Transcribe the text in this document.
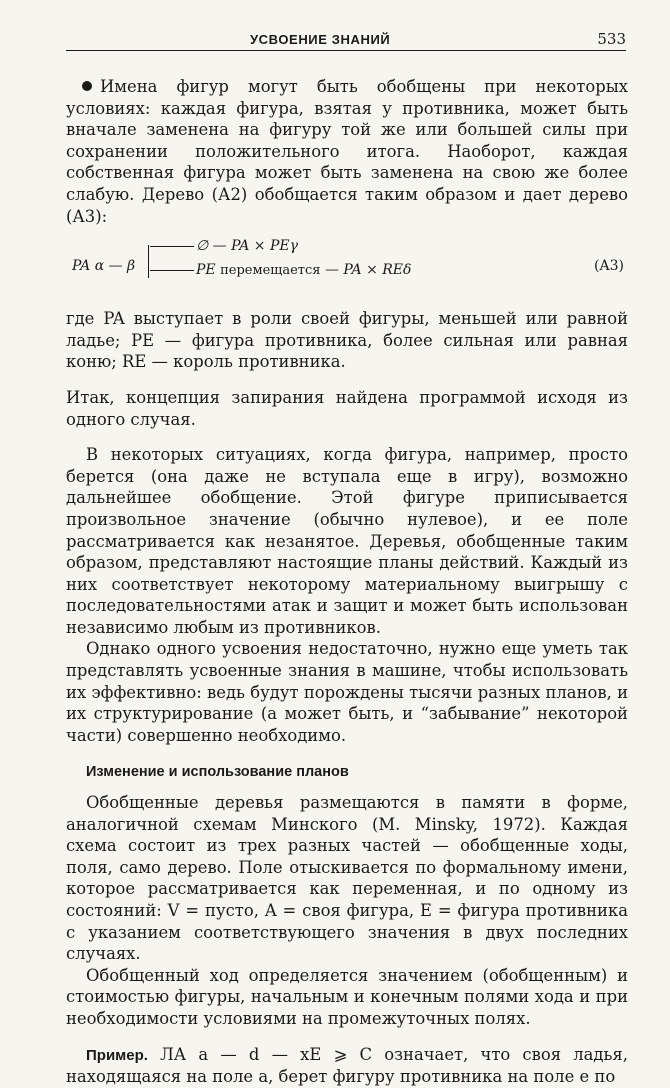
УСВОЕНИЕ ЗНАНИЙ	533

Имена фигур могут быть обобщены при некоторых условиях: каждая фигура, взятая у противника, может быть вначале заменена на фигуру той же или большей силы при сохранении положительного итога. Наоборот, каждая собственная фигура может быть заменена на свою же более слабую. Дерево (А2) обобщается таким образом и дает дерево (А3):

PA α — β
∅ — PA × PEγ
PE перемещается — PA × REδ	(A3)

где PA выступает в роли своей фигуры, меньшей или равной ладье; PE — фигура противника, более сильная или равная коню; RE — король противника.

Итак, концепция запирания найдена программой исходя из одного случая.

В некоторых ситуациях, когда фигура, например, просто берется (она даже не вступала еще в игру), возможно дальнейшее обобщение. Этой фигуре приписывается произвольное значение (обычно нулевое), и ее поле рассматривается как незанятое. Деревья, обобщенные таким образом, представляют настоящие планы действий. Каждый из них соответствует некоторому материальному выигрышу с последовательностями атак и защит и может быть использован независимо любым из противников.

Однако одного усвоения недостаточно, нужно еще уметь так представлять усвоенные знания в машине, чтобы использовать их эффективно: ведь будут порождены тысячи разных планов, и их структурирование (а может быть, и “забывание” некоторой части) совершенно необходимо.

Изменение и использование планов

Обобщенные деревья размещаются в памяти в форме, аналогичной схемам Минского (M. Minsky, 1972). Каждая схема состоит из трех разных частей — обобщенные ходы, поля, само дерево. Поле отыскивается по формальному имени, которое рассматривается как переменная, и по одному из состояний: V = пусто, A = своя фигура, E = фигура противника с указанием соответствующего значения в двух последних случаях.

Обобщенный ход определяется значением (обобщенным) и стоимостью фигуры, начальным и конечным полями хода и при необходимости условиями на промежуточных полях.

Пример. ЛА a — d — xE ⩾ C означает, что своя ладья, находящаяся на поле a, берет фигуру противника на поле e по
